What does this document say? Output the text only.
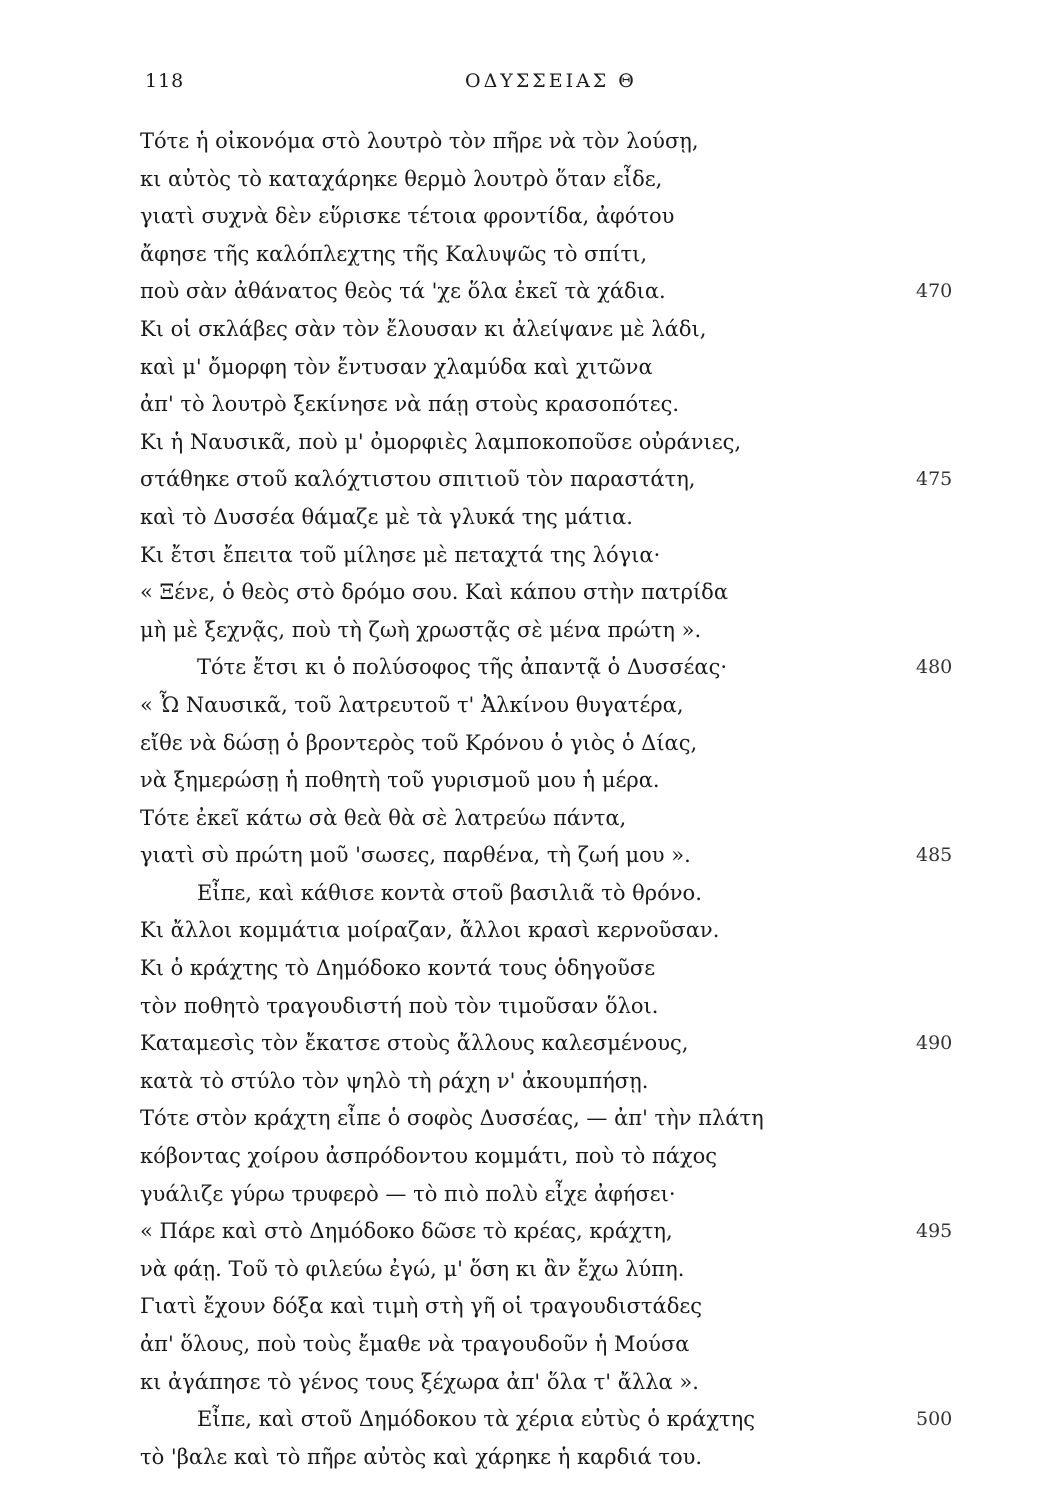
118	ΟΔΥΣΣΕΙΑΣ Θ
Τότε ἡ οἰκονόμα στὸ λουτρὸ τὸν πῆρε νὰ τὸν λούσῃ,
κι αὐτὸς τὸ καταχάρηκε θερμὸ λουτρὸ ὅταν εἶδε,
γιατὶ συχνὰ δὲν εὕρισκε τέτοια φροντίδα, ἀφότου
ἄφησε τῆς καλόπλεχτης τῆς Καλυψῶς τὸ σπίτι,
ποὺ σὰν ἀθάνατος θεὸς τά 'χε ὅλα ἐκεῖ τὰ χάδια.	470
Κι οἱ σκλάβες σὰν τὸν ἔλουσαν κι ἀλείψανε μὲ λάδι,
καὶ μ' ὄμορφη τὸν ἔντυσαν χλαμύδα καὶ χιτῶνα
ἀπ' τὸ λουτρὸ ξεκίνησε νὰ πάῃ στοὺς κρασοπότες.
Κι ἡ Ναυσικᾶ, ποὺ μ' ὀμορφιὲς λαμποκοποῦσε οὐράνιες,
στάθηκε στοῦ καλόχτιστου σπιτιοῦ τὸν παραστάτη,	475
καὶ τὸ Δυσσέα θάμαζε μὲ τὰ γλυκά της μάτια.
Κι ἔτσι ἔπειτα τοῦ μίλησε μὲ πεταχτά της λόγια·
« Ξένε, ὁ θεὸς στὸ δρόμο σου. Καὶ κάπου στὴν πατρίδα
μὴ μὲ ξεχνᾷς, ποὺ τὴ ζωὴ χρωστᾷς σὲ μένα πρώτη ».
Τότε ἔτσι κι ὁ πολύσοφος τῆς ἀπαντᾷ ὁ Δυσσέας·	480
« Ὦ Ναυσικᾶ, τοῦ λατρευτοῦ τ' Ἀλκίνου θυγατέρα,
εἴθε νὰ δώσῃ ὁ βροντερὸς τοῦ Κρόνου ὁ γιὸς ὁ Δίας,
νὰ ξημερώσῃ ἡ ποθητὴ τοῦ γυρισμοῦ μου ἡ μέρα.
Τότε ἐκεῖ κάτω σὰ θεὰ θὰ σὲ λατρεύω πάντα,
γιατὶ σὺ πρώτη μοῦ 'σωσες, παρθένα, τὴ ζωή μου ».	485
Εἶπε, καὶ κάθισε κοντὰ στοῦ βασιλιᾶ τὸ θρόνο.
Κι ἄλλοι κομμάτια μοίραζαν, ἄλλοι κρασὶ κερνοῦσαν.
Κι ὁ κράχτης τὸ Δημόδοκο κοντά τους ὁδηγοῦσε
τὸν ποθητὸ τραγουδιστή ποὺ τὸν τιμοῦσαν ὅλοι.
Καταμεσὶς τὸν ἔκατσε στοὺς ἄλλους καλεσμένους,	490
κατὰ τὸ στύλο τὸν ψηλὸ τὴ ράχη ν' ἀκουμπήσῃ.
Τότε στὸν κράχτη εἶπε ὁ σοφὸς Δυσσέας, — ἀπ' τὴν πλάτη
κόβοντας χοίρου ἀσπρόδοντου κομμάτι, ποὺ τὸ πάχος
γυάλιζε γύρω τρυφερὸ — τὸ πιὸ πολὺ εἶχε ἀφήσει·
« Πάρε καὶ στὸ Δημόδοκο δῶσε τὸ κρέας, κράχτη,	495
νὰ φάῃ. Τοῦ τὸ φιλεύω ἐγώ, μ' ὅση κι ἂν ἔχω λύπη.
Γιατὶ ἔχουν δόξα καὶ τιμὴ στὴ γῆ οἱ τραγουδιστάδες
ἀπ' ὅλους, ποὺ τοὺς ἔμαθε νὰ τραγουδοῦν ἡ Μούσα
κι ἀγάπησε τὸ γένος τους ξέχωρα ἀπ' ὅλα τ' ἄλλα ».
Εἶπε, καὶ στοῦ Δημόδοκου τὰ χέρια εὐτὺς ὁ κράχτης	500
τὸ 'βαλε καὶ τὸ πῆρε αὐτὸς καὶ χάρηκε ἡ καρδιά του.
